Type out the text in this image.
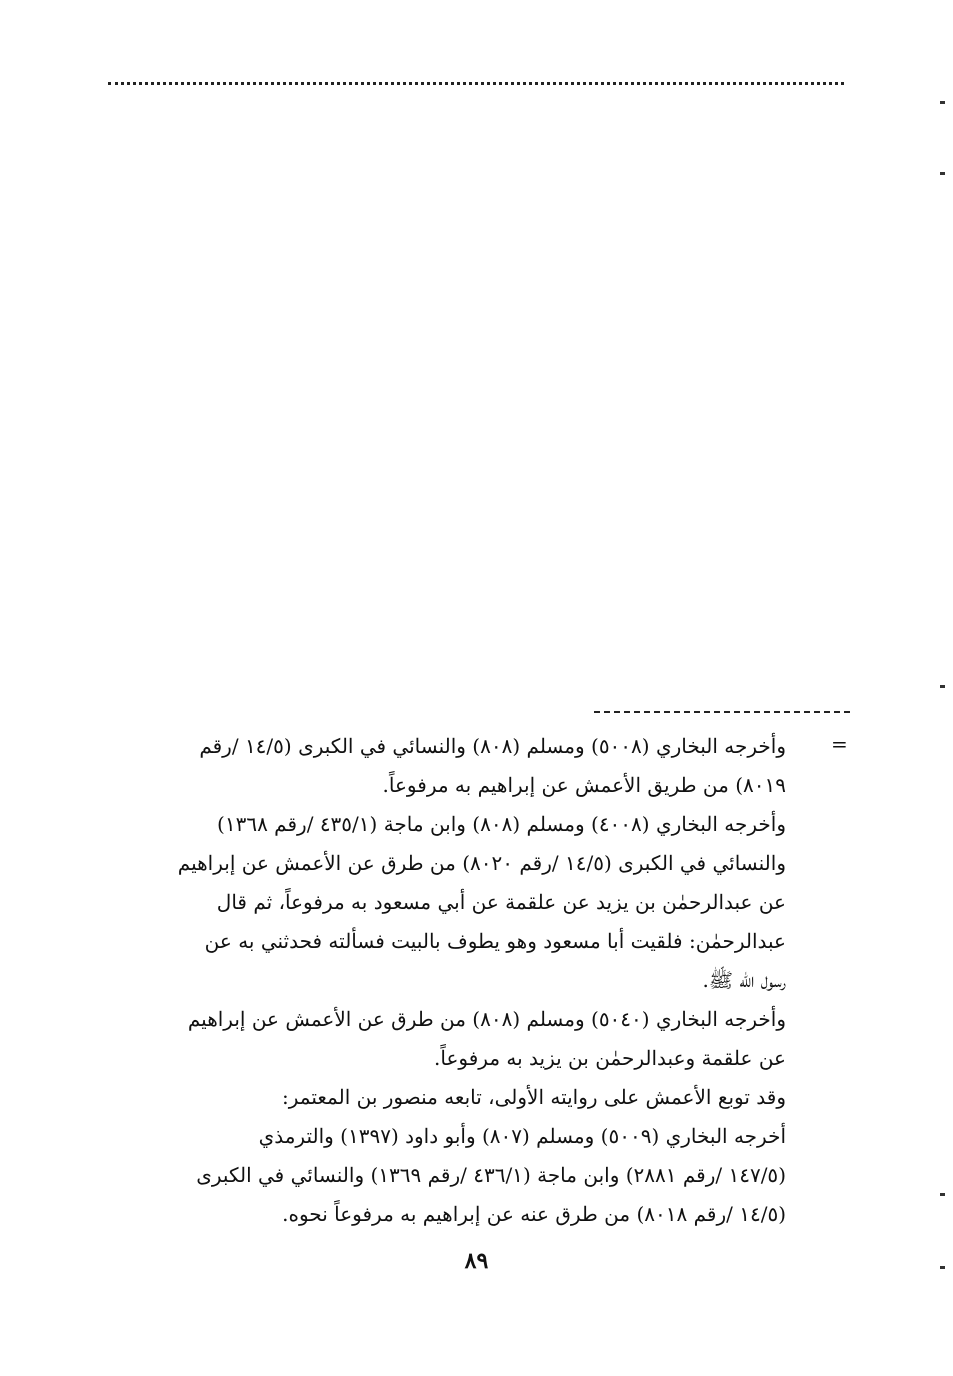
=
وأخرجه البخاري (٥٠٠٨) ومسلم (٨٠٨) والنسائي في الكبرى (١٤/٥ /رقم
٨٠١٩) من طريق الأعمش عن إبراهيم به مرفوعاً.
وأخرجه البخاري (٤٠٠٨) ومسلم (٨٠٨) وابن ماجة (٤٣٥/١ /رقم ١٣٦٨)
والنسائي في الكبرى (١٤/٥ /رقم ٨٠٢٠) من طرق عن الأعمش عن إبراهيم
عن عبدالرحمٰن بن يزيد عن علقمة عن أبي مسعود به مرفوعاً، ثم قال
عبدالرحمٰن: فلقيت أبا مسعود وهو يطوف بالبيت فسألته فحدثني به عن
رسول الله ﷺ.
وأخرجه البخاري (٥٠٤٠) ومسلم (٨٠٨) من طرق عن الأعمش عن إبراهيم
عن علقمة وعبدالرحمٰن بن يزيد به مرفوعاً.
وقد توبع الأعمش على روايته الأولى، تابعه منصور بن المعتمر:
أخرجه البخاري (٥٠٠٩) ومسلم (٨٠٧) وأبو داود (١٣٩٧) والترمذي
(١٤٧/٥ /رقم ٢٨٨١) وابن ماجة (٤٣٦/١ /رقم ١٣٦٩) والنسائي في الكبرى
(١٤/٥ /رقم ٨٠١٨) من طرق عنه عن إبراهيم به مرفوعاً نحوه.
٨٩
